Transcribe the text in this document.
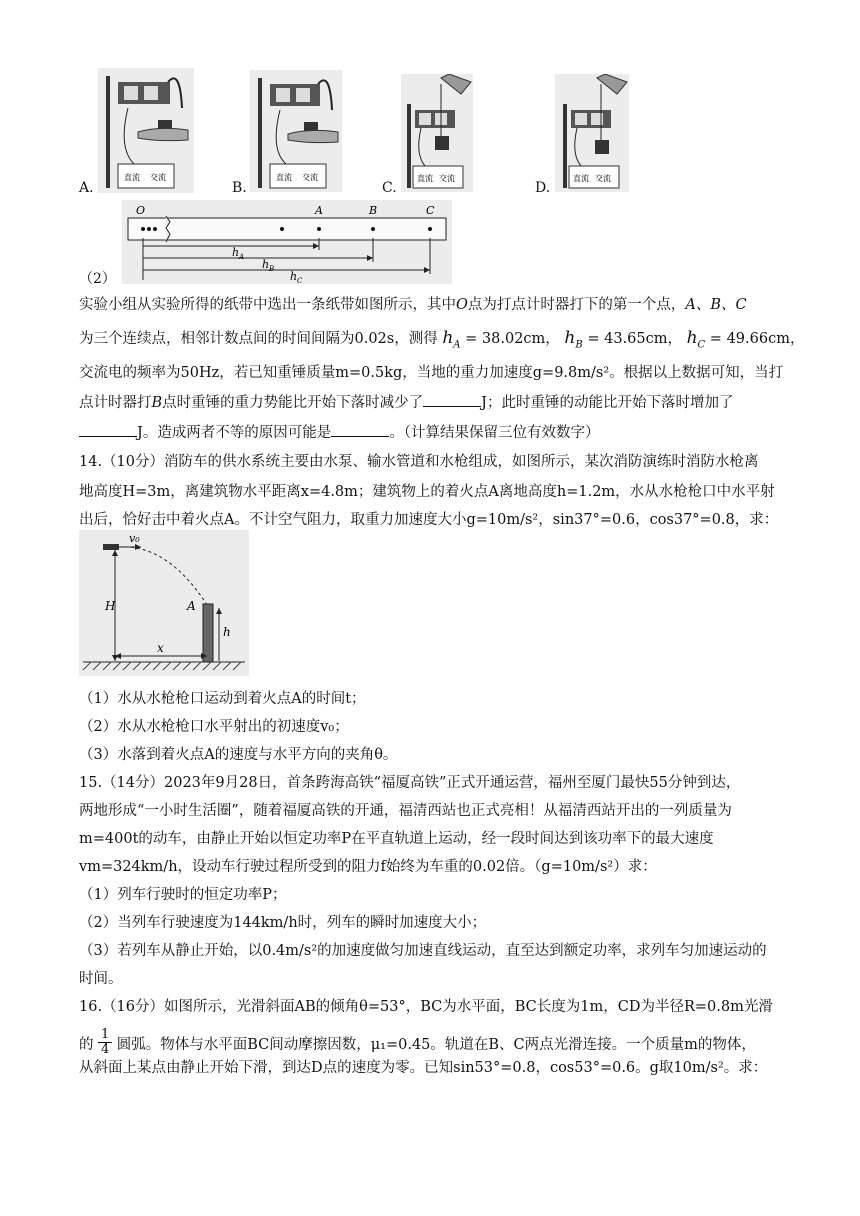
A.
直流 交流
B.
直流 交流
C.
直流 交流
D.
直流 交流
（2）
O	A	B	C
h A
h B
h C
实验小组从实验所得的纸带中选出一条纸带如图所示，其中O点为打点计时器打下的第一个点，A、B、C
为三个连续点，相邻计数点间的时间间隔为0.02s，测得 $h_A = 38.02cm$， $h_B = 43.65cm$， $h_C = 49.66cm$，
交流电的频率为50Hz，若已知重锤质量m=0.5kg，当地的重力加速度g=9.8m/s²。根据以上数据可知，当打
点计时器打B点时重锤的重力势能比开始下落时减少了	J；此时重锤的动能比开始下落时增加了
J。造成两者不等的原因可能是	。（计算结果保留三位有效数字）
14.（10分）消防车的供水系统主要由水泵、输水管道和水枪组成，如图所示，某次消防演练时消防水枪离
地高度H=3m，离建筑物水平距离x=4.8m；建筑物上的着火点A离地高度h=1.2m，水从水枪枪口中水平射
出后，恰好击中着火点A。不计空气阻力，取重力加速度大小g=10m/s²，sin37°=0.6，cos37°=0.8，求：
v₀
H	A
h
x
（1）水从水枪枪口运动到着火点A的时间t；
（2）水从水枪枪口水平射出的初速度v₀；
（3）水落到着火点A的速度与水平方向的夹角θ。
15.（14分）2023年9月28日，首条跨海高铁“福厦高铁”正式开通运营，福州至厦门最快55分钟到达，
两地形成“一小时生活圈”，随着福厦高铁的开通，福清西站也正式亮相！从福清西站开出的一列质量为
m=400t的动车，由静止开始以恒定功率P在平直轨道上运动，经一段时间达到该功率下的最大速度
vm=324km/h，设动车行驶过程所受到的阻力f始终为车重的0.02倍。（g=10m/s²）求：
（1）列车行驶时的恒定功率P；
（2）当列车行驶速度为144km/h时，列车的瞬时加速度大小；
（3）若列车从静止开始，以0.4m/s²的加速度做匀加速直线运动，直至达到额定功率，求列车匀加速运动的
时间。
16.（16分）如图所示，光滑斜面AB的倾角θ=53°，BC为水平面，BC长度为1m，CD为半径R=0.8m光滑
的 $\frac{1}{4}$ 圆弧。物体与水平面BC间动摩擦因数，μ₁=0.45。轨道在B、C两点光滑连接。一个质量m的物体，
从斜面上某点由静止开始下滑，到达D点的速度为零。已知sin53°=0.8，cos53°=0.6。g取10m/s²。求：
